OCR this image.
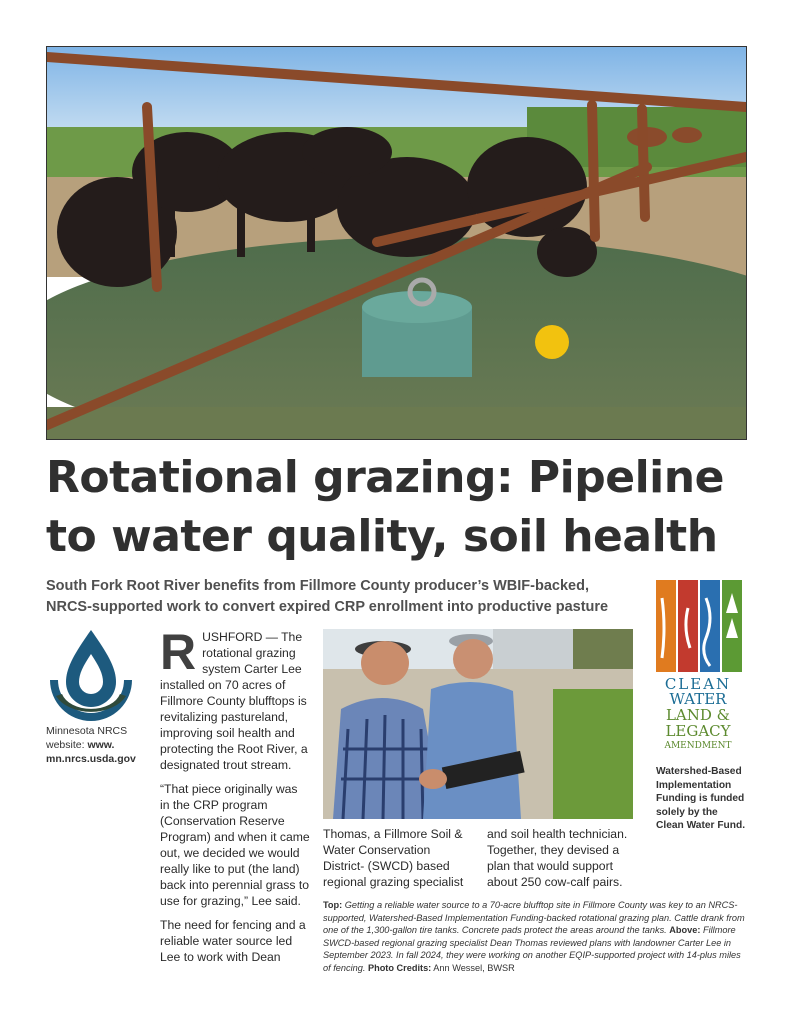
Rotational grazing: Pipeline
to water quality, soil health
South Fork Root River benefits from Fillmore County producer’s WBIF-backed,
NRCS-supported work to convert expired CRP enrollment into productive pasture
Minnesota NRCS website: www. mn.nrcs.usda.gov

RUSHFORD — The rotational grazing system Carter Lee installed on 70 acres of Fillmore County blufftops is revitalizing pastureland, improving soil health and protecting the Root River, a designated trout stream.

“That piece originally was in the CRP program (Conservation Reserve Program) and when it came out, we decided we would really like to put (the land) back into perennial grass to use for grazing,” Lee said.

The need for fencing and a reliable water source led Lee to work with Dean

Thomas, a Fillmore Soil & Water Conservation District- (SWCD) based regional grazing specialist
and soil health technician. Together, they devised a plan that would support about 250 cow-calf pairs.
Top: Getting a reliable water source to a 70-acre blufftop site in Fillmore County was key to an NRCS-supported, Watershed-Based Implementation Funding-backed rotational grazing plan. Cattle drank from one of the 1,300-gallon tire tanks. Concrete pads protect the areas around the tanks. Above: Fillmore SWCD-based regional grazing specialist Dean Thomas reviewed plans with landowner Carter Lee in September 2023. In fall 2024, they were working on another EQIP-supported project with 14-plus miles of fencing. Photo Credits: Ann Wessel, BWSR
CLEAN
WATER
LAND &
LEGACY
AMENDMENT
Watershed-Based Implementation Funding is funded solely by the Clean Water Fund.
